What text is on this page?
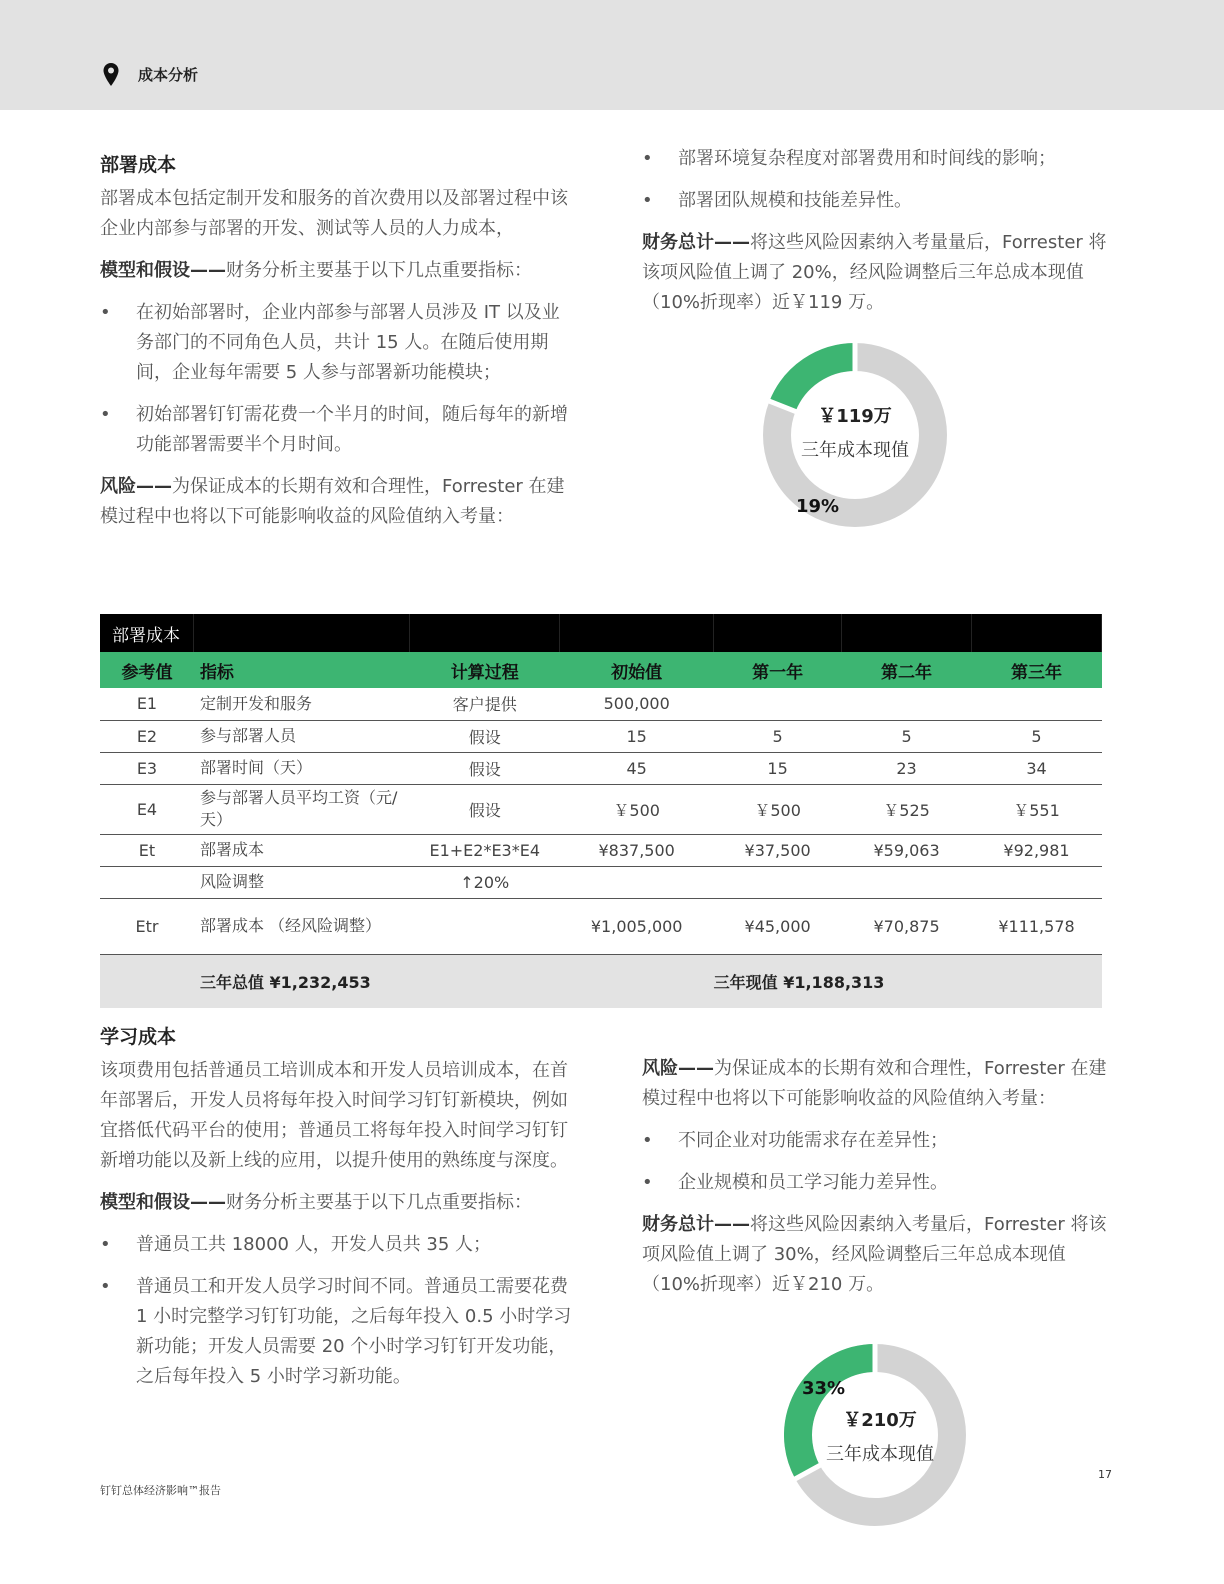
成本分析
部署成本

部署成本包括定制开发和服务的首次费用以及部署过程中该企业内部参与部署的开发、测试等人员的人力成本，

模型和假设——财务分析主要基于以下几点重要指标：

• 在初始部署时，企业内部参与部署人员涉及 IT 以及业务部门的不同角色人员，共计 15 人。在随后使用期间，企业每年需要 5 人参与部署新功能模块；
• 初始部署钉钉需花费一个半月的时间，随后每年的新增功能部署需要半个月时间。

风险——为保证成本的长期有效和合理性，Forrester 在建模过程中也将以下可能影响收益的风险值纳入考量：

• 部署环境复杂程度对部署费用和时间线的影响；
• 部署团队规模和技能差异性。

财务总计——将这些风险因素纳入考量量后，Forrester 将该项风险值上调了 20%，经风险调整后三年总成本现值（10%折现率）近￥119 万。

￥119万
三年成本现值
19%
部署成本						
参考值	指标	计算过程	初始值	第一年	第二年	第三年
E1	定制开发和服务	客户提供	500,000			
E2	参与部署人员	假设	15	5	5	5
E3	部署时间（天）	假设	45	15	23	34
E4	参与部署人员平均工资（元/天）	假设	￥500	￥500	￥525	￥551
Et	部署成本	E1+E2*E3*E4	¥837,500	¥37,500	¥59,063	¥92,981
	风险调整	↑20%				
Etr	部署成本 （经风险调整）		¥1,005,000	¥45,000	¥70,875	¥111,578
	三年总值 ¥1,232,453			三年现值 ¥1,188,313		
学习成本

该项费用包括普通员工培训成本和开发人员培训成本，在首年部署后，开发人员将每年投入时间学习钉钉新模块，例如宜搭低代码平台的使用；普通员工将每年投入时间学习钉钉新增功能以及新上线的应用，以提升使用的熟练度与深度。

模型和假设——财务分析主要基于以下几点重要指标：

• 普通员工共 18000 人，开发人员共 35 人；
• 普通员工和开发人员学习时间不同。普通员工需要花费 1 小时完整学习钉钉功能，之后每年投入 0.5 小时学习新功能；开发人员需要 20 个小时学习钉钉开发功能，之后每年投入 5 小时学习新功能。

风险——为保证成本的长期有效和合理性，Forrester 在建模过程中也将以下可能影响收益的风险值纳入考量：

• 不同企业对功能需求存在差异性；
• 企业规模和员工学习能力差异性。

财务总计——将这些风险因素纳入考量后，Forrester 将该项风险值上调了 30%，经风险调整后三年总成本现值（10%折现率）近￥210 万。

￥210万
三年成本现值
33%
钉钉总体经济影响™报告
17
